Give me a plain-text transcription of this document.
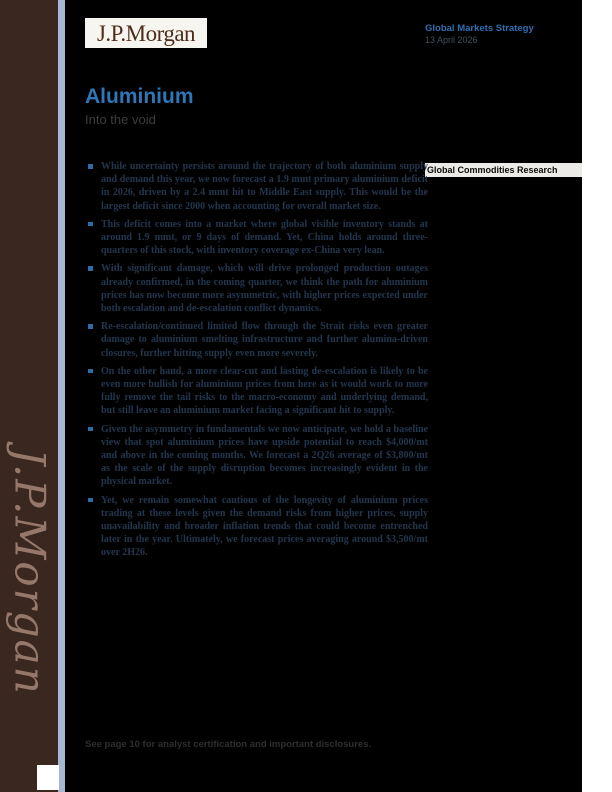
J.P.Morgan
J.P.Morgan	Global Markets Strategy
13 April 2026
Aluminium
Into the void
Global Commodities Research
While uncertainty persists around the trajectory of both aluminium supply and demand this year, we now forecast a 1.9 mmt primary aluminium deficit in 2026, driven by a 2.4 mmt hit to Middle East supply. This would be the largest deficit since 2000 when accounting for overall market size.
This deficit comes into a market where global visible inventory stands at around 1.9 mmt, or 9 days of demand. Yet, China holds around three-quarters of this stock, with inventory coverage ex-China very lean.
With significant damage, which will drive prolonged production outages already confirmed, in the coming quarter, we think the path for aluminium prices has now become more asymmetric, with higher prices expected under both escalation and de-escalation conflict dynamics.
Re-escalation/continued limited flow through the Strait risks even greater damage to aluminium smelting infrastructure and further alumina-driven closures, further hitting supply even more severely.
On the other hand, a more clear-cut and lasting de-escalation is likely to be even more bullish for aluminium prices from here as it would work to more fully remove the tail risks to the macro-economy and underlying demand, but still leave an aluminium market facing a significant hit to supply.
Given the asymmetry in fundamentals we now anticipate, we hold a baseline view that spot aluminium prices have upside potential to reach $4,000/mt and above in the coming months. We forecast a 2Q26 average of $3,800/mt as the scale of the supply disruption becomes increasingly evident in the physical market.
Yet, we remain somewhat cautious of the longevity of aluminium prices trading at these levels given the demand risks from higher prices, supply unavailability and broader inflation trends that could become entrenched later in the year. Ultimately, we forecast prices averaging around $3,500/mt over 2H26.
See page 10 for analyst certification and important disclosures.
